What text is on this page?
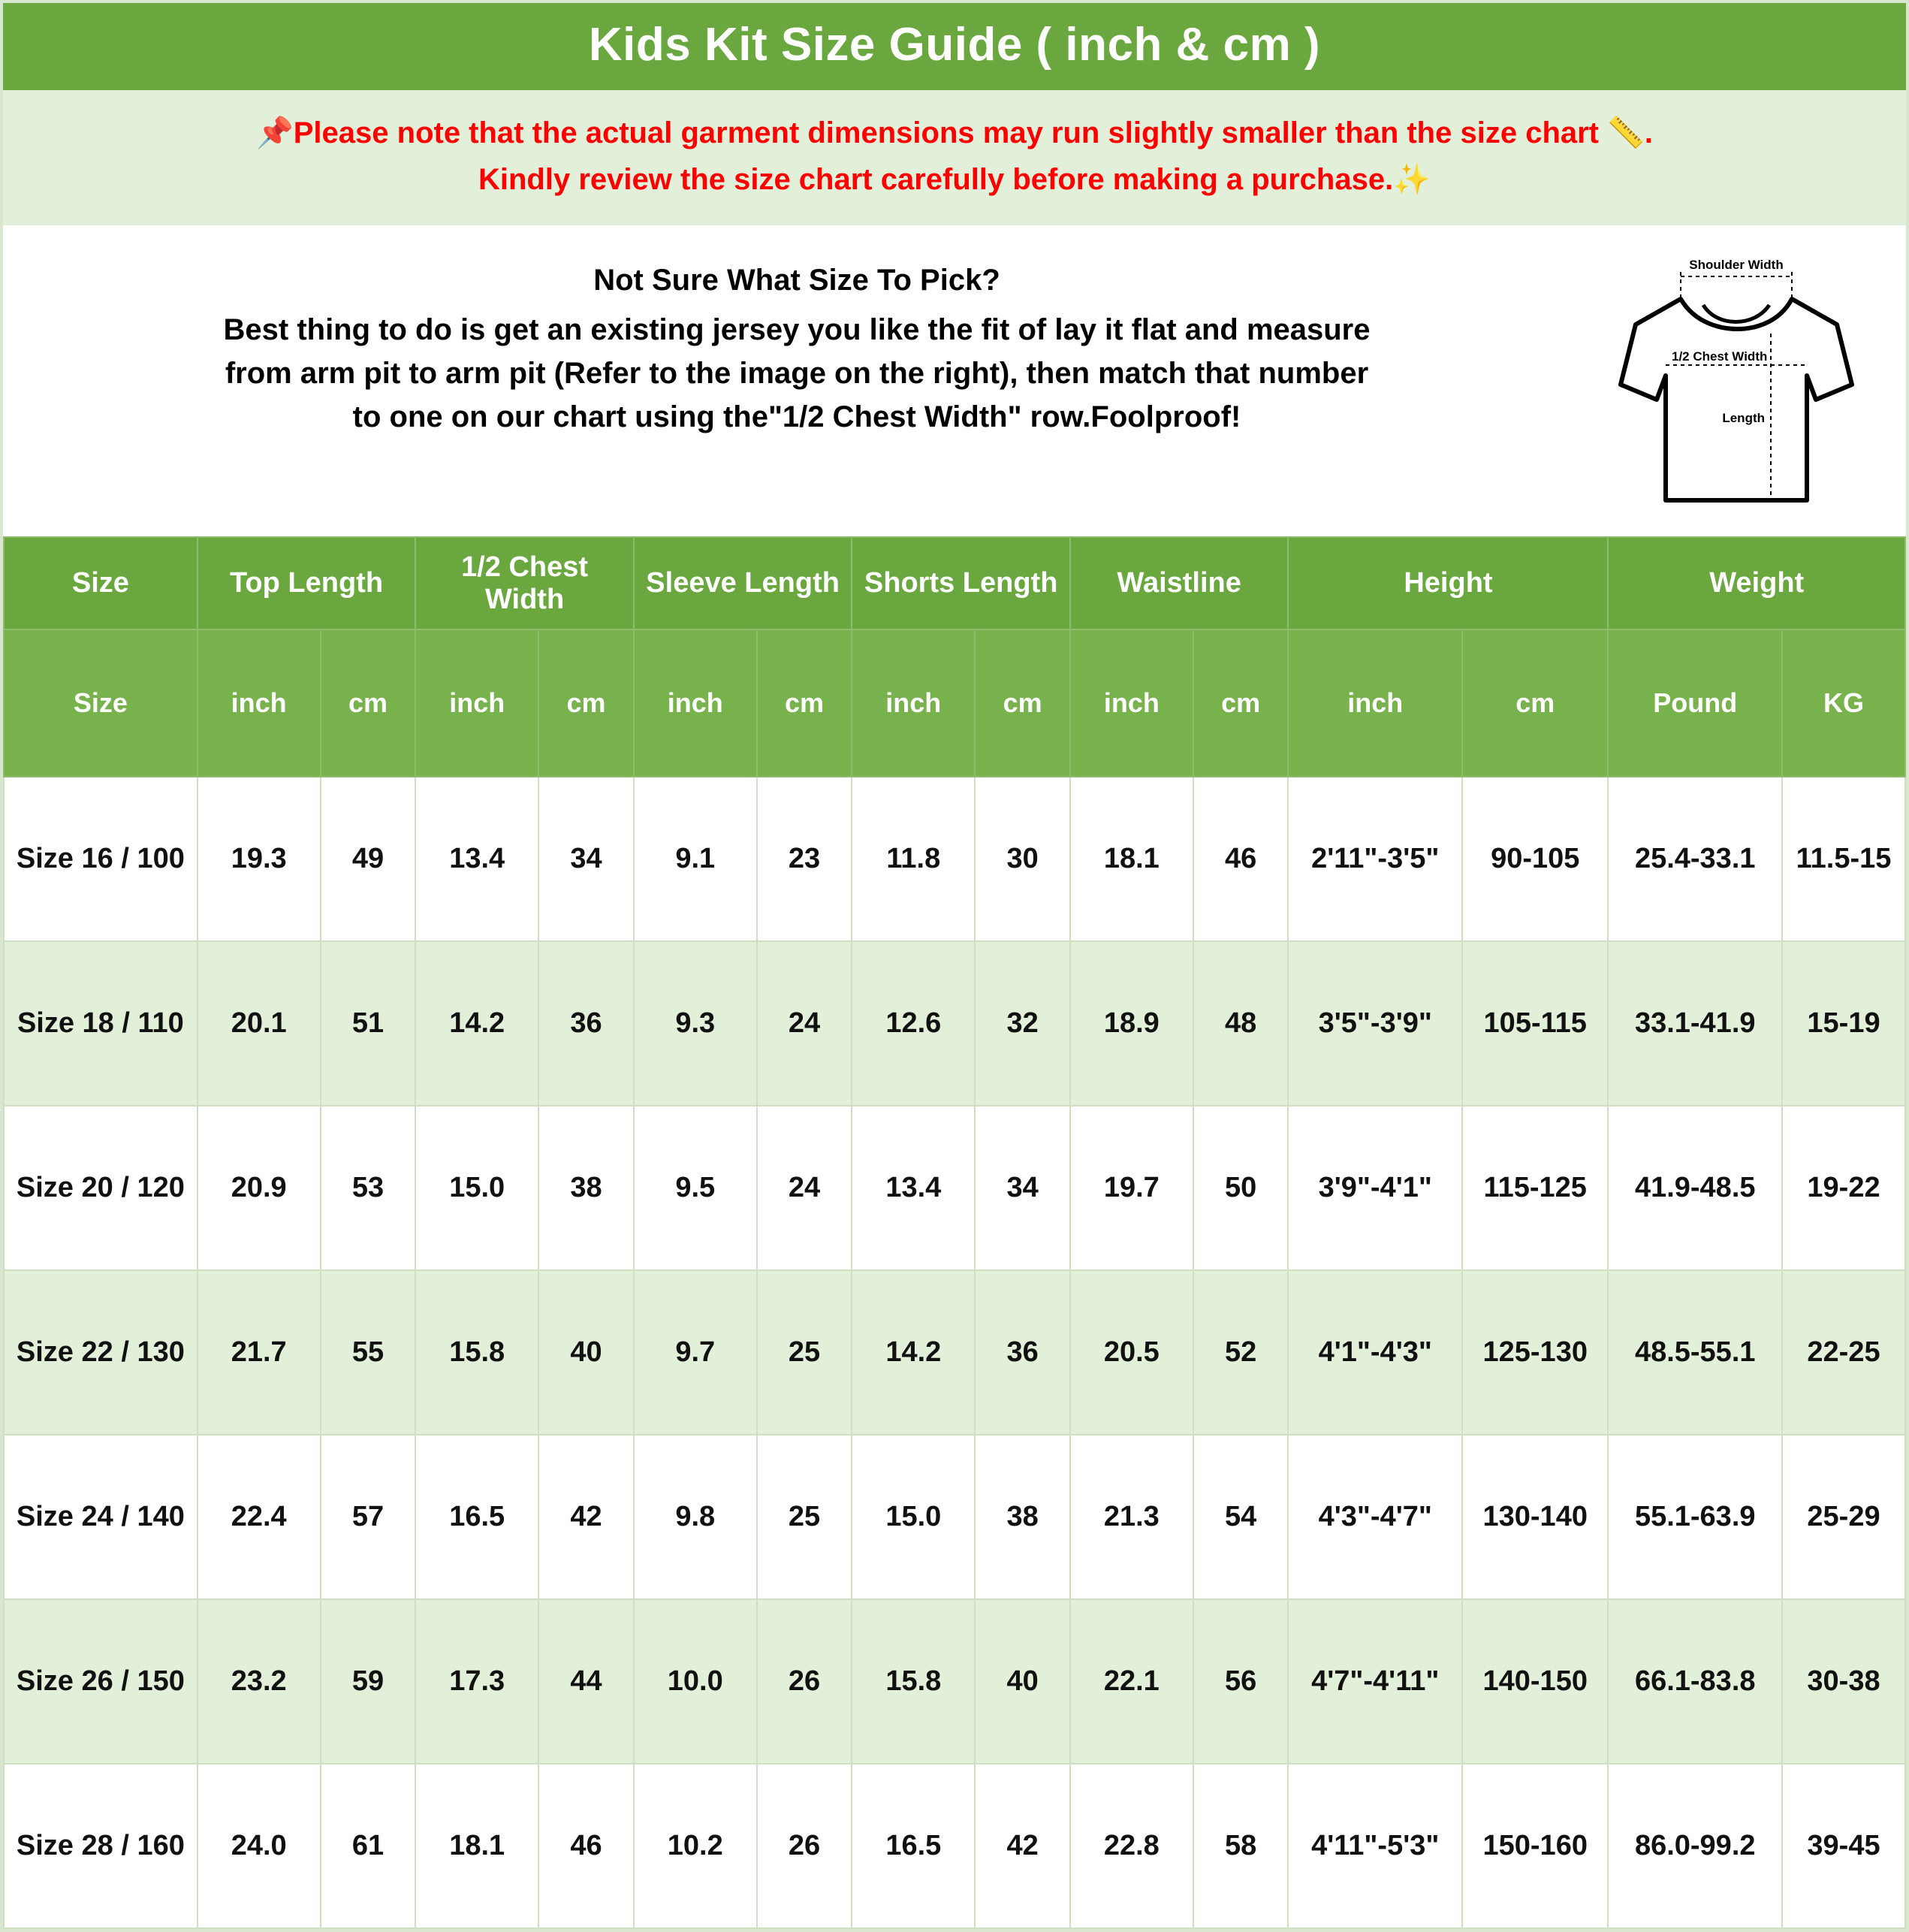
Kids Kit Size Guide ( inch & cm )
📌Please note that the actual garment dimensions may run slightly smaller than the size chart 📏.
Kindly review the size chart carefully before making a purchase.✨
Not Sure What Size To Pick?
Best thing to do is get an existing jersey you like the fit of lay it flat and measure
from arm pit to arm pit (Refer to the image on the right), then match that number
to one on our chart using the"1/2 Chest Width" row.Foolproof!
Shoulder Width
1/2 Chest Width
Length
Size	Top Length		1/2 Chest Width		Sleeve Length		Shorts Length		Waistline		Height		Weight	
Size	inch	cm	inch	cm	inch	cm	inch	cm	inch	cm	inch	cm	Pound	KG
Size 16 / 100	19.3	49	13.4	34	9.1	23	11.8	30	18.1	46	2'11"-3'5"	90-105	25.4-33.1	11.5-15
Size 18 / 110	20.1	51	14.2	36	9.3	24	12.6	32	18.9	48	3'5"-3'9"	105-115	33.1-41.9	15-19
Size 20 / 120	20.9	53	15.0	38	9.5	24	13.4	34	19.7	50	3'9"-4'1"	115-125	41.9-48.5	19-22
Size 22 / 130	21.7	55	15.8	40	9.7	25	14.2	36	20.5	52	4'1"-4'3"	125-130	48.5-55.1	22-25
Size 24 / 140	22.4	57	16.5	42	9.8	25	15.0	38	21.3	54	4'3"-4'7"	130-140	55.1-63.9	25-29
Size 26 / 150	23.2	59	17.3	44	10.0	26	15.8	40	22.1	56	4'7"-4'11"	140-150	66.1-83.8	30-38
Size 28 / 160	24.0	61	18.1	46	10.2	26	16.5	42	22.8	58	4'11"-5'3"	150-160	86.0-99.2	39-45
